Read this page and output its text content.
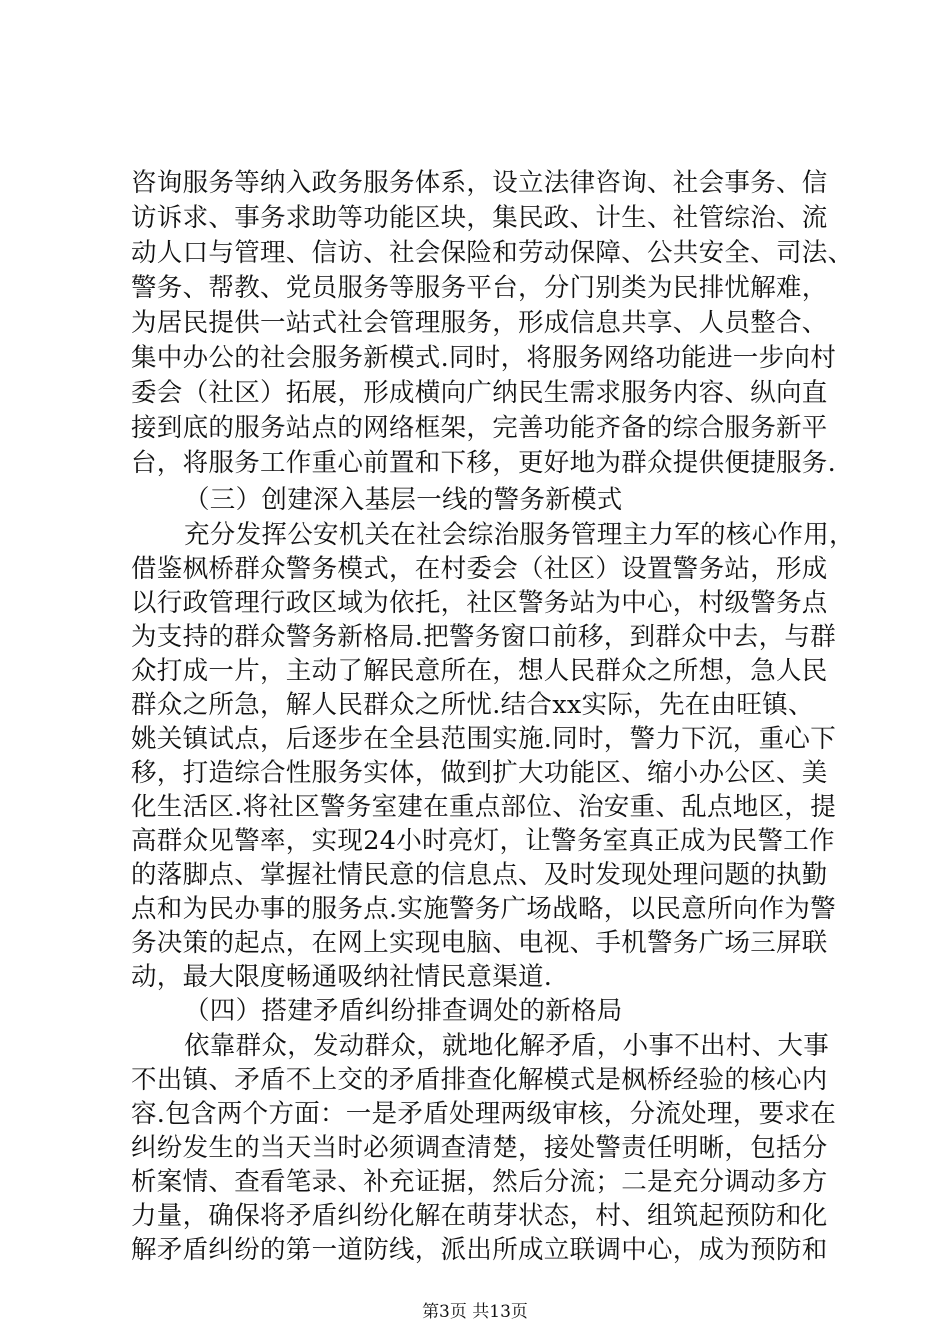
咨询服务等纳入政务服务体系，设立法律咨询、社会事务、信
访诉求、事务求助等功能区块，集民政、计生、社管综治、流
动人口与管理、信访、社会保险和劳动保障、公共安全、司法、
警务、帮教、党员服务等服务平台，分门别类为民排忧解难，
为居民提供一站式社会管理服务，形成信息共享、人员整合、
集中办公的社会服务新模式.同时，将服务网络功能进一步向村
委会（社区）拓展，形成横向广纳民生需求服务内容、纵向直
接到底的服务站点的网络框架，完善功能齐备的综合服务新平
台，将服务工作重心前置和下移，更好地为群众提供便捷服务.
（三）创建深入基层一线的警务新模式
充分发挥公安机关在社会综治服务管理主力军的核心作用，
借鉴枫桥群众警务模式，在村委会（社区）设置警务站，形成
以行政管理行政区域为依托，社区警务站为中心，村级警务点
为支持的群众警务新格局.把警务窗口前移，到群众中去，与群
众打成一片，主动了解民意所在，想人民群众之所想，急人民
群众之所急，解人民群众之所忧.结合xx实际，先在由旺镇、
姚关镇试点，后逐步在全县范围实施.同时，警力下沉，重心下
移，打造综合性服务实体，做到扩大功能区、缩小办公区、美
化生活区.将社区警务室建在重点部位、治安重、乱点地区，提
高群众见警率，实现24小时亮灯，让警务室真正成为民警工作
的落脚点、掌握社情民意的信息点、及时发现处理问题的执勤
点和为民办事的服务点.实施警务广场战略，以民意所向作为警
务决策的起点，在网上实现电脑、电视、手机警务广场三屏联
动，最大限度畅通吸纳社情民意渠道.
（四）搭建矛盾纠纷排查调处的新格局
依靠群众，发动群众，就地化解矛盾，小事不出村、大事
不出镇、矛盾不上交的矛盾排查化解模式是枫桥经验的核心内
容.包含两个方面：一是矛盾处理两级审核，分流处理，要求在
纠纷发生的当天当时必须调查清楚，接处警责任明晰，包括分
析案情、查看笔录、补充证据，然后分流；二是充分调动多方
力量，确保将矛盾纠纷化解在萌芽状态，村、组筑起预防和化
解矛盾纠纷的第一道防线，派出所成立联调中心，成为预防和
第3页 共13页
